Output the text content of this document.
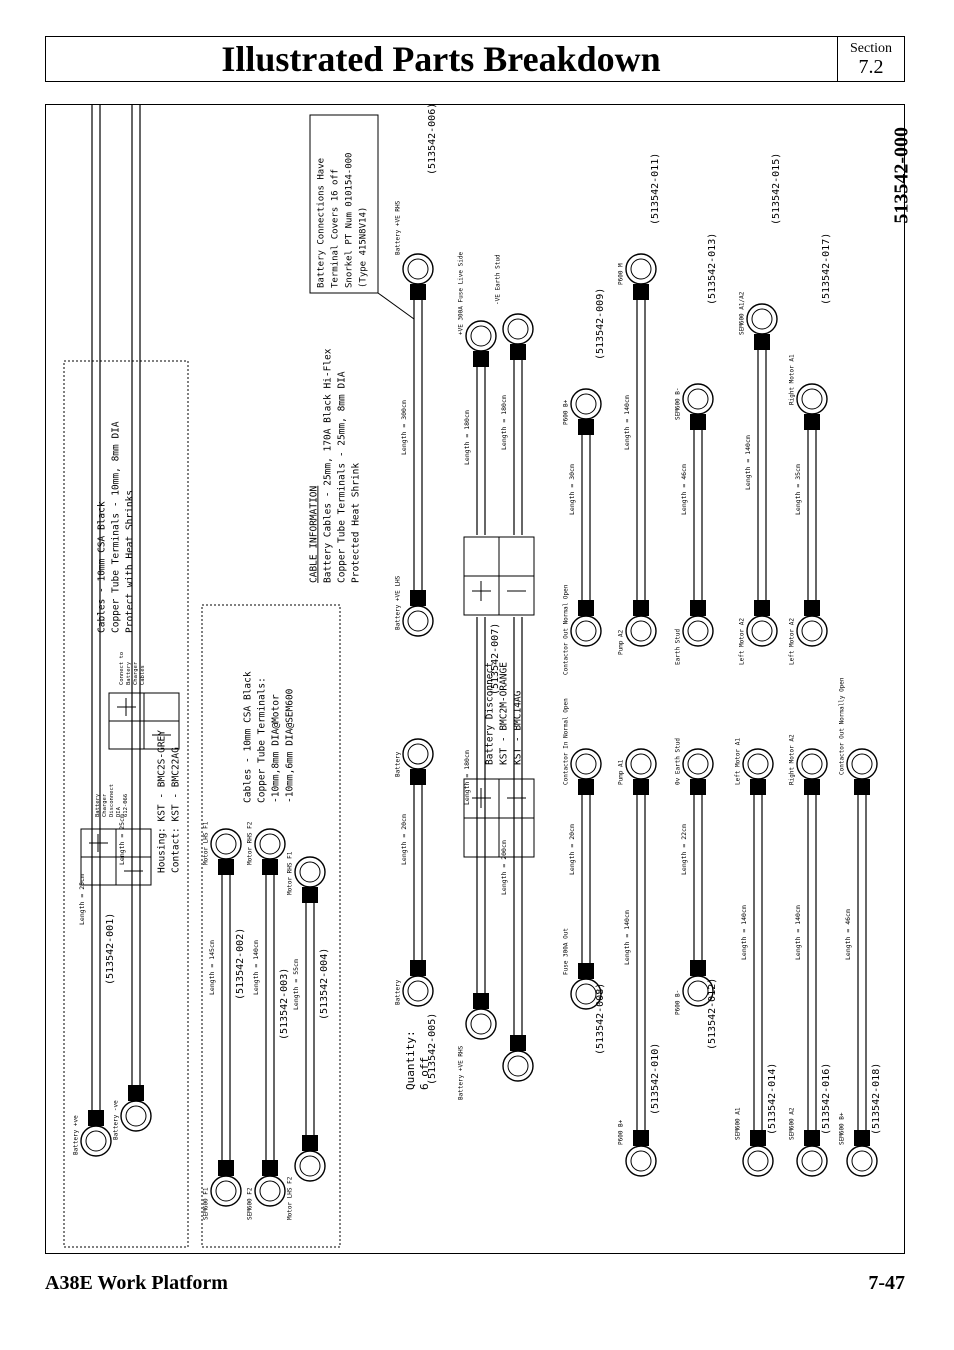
Illustrated Parts Breakdown	Section
7.2
513542-000
Battery Connections Have Terminal Covers 16 off Snorkel PT Num 010154-000 (Type 415N8V14)
CABLE INFORMATION Battery Cables - 25mm, 170A Black Hi-Flex Copper Tube Terminals - 25mm, 8mm DIA Protected Heat Shrink
Cables - 10mm CSA Black Copper Tube Terminals - 10mm, 8mm DIA Protect with Heat Shrinks
Cables - 10mm CSA Black Copper Tube Terminals: -10mm,8mm DIA@Motor -10mm,6mm DIA@SEM600
Housing: KST - BMC2S-GREY Contact: KST - BMC22AG
Battery Disconnect KST - BMC2M-ORANGE KST - BMC14AG
Quantity: 6 off
Battery Charger Disconnect DIA 612-066
Connect to Battery Charger Cables
Length = 25cm
(513542-001)
Battery +ve
Length = 25cm
Battery -ve
Length = 145cm (513542-002)
SEM600 F1
Motor LHS F1
Length = 140cm
SEM600 F2
Motor RHS F2
(513542-003) Length = 55cm (513542-004)
Motor LHS F2
Motor RHS F1
Length = 20cm
(513542-005)
Battery
Battery
Length = 300cm
(513542-006)
Battery +VE LHS
Battery +VE RHS
Length = 180cm
(513542-007)
Battery +VE RHS
Length = 200cm
Length = 180cm
+VE 300A Fuse Live Side
Length = 180cm
-VE Earth Stud
Length = 20cm
(513542-008)
Fuse 300A Out
Contactor In Normal Open
Length = 30cm
(513542-009)
Contactor Out Normal Open
P600 B+
Length = 140cm
(513542-010)
P600 B+
Pump A1
Length = 140cm
(513542-011)
Pump A2
P600 M
Length = 22cm
(513542-012)
P600 B-
0v Earth Stud
Length = 46cm
(513542-013)
Earth Stud
SEM600 B-
Length = 140cm
(513542-014)
SEM600 A1
Left Motor A1
Length = 140cm
(513542-015)
Left Motor A2
SEM600 A1/A2
Length = 140cm
(513542-016)
SEM600 A2
Right Motor A2
Length = 35cm
(513542-017)
Left Motor A2
Right Motor A1
Length = 46cm
(513542-018)
SEM600 B+
Contactor Out Normally Open
A38E Work Platform	7-47
